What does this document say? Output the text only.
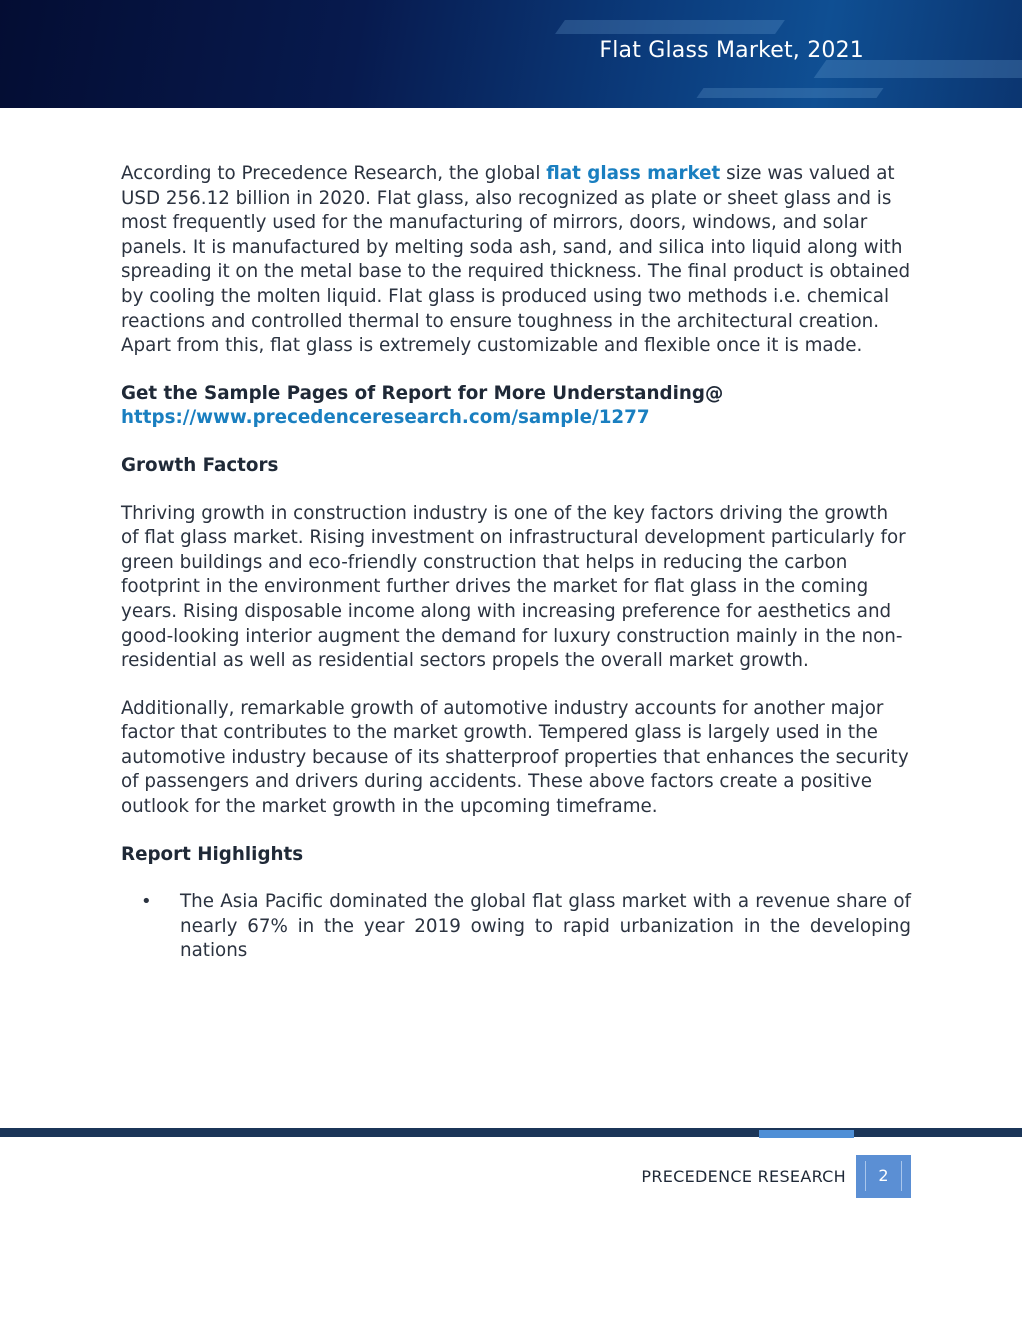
Flat Glass Market, 2021

According to Precedence Research, the global flat glass market size was valued at USD 256.12 billion in 2020. Flat glass, also recognized as plate or sheet glass and is most frequently used for the manufacturing of mirrors, doors, windows, and solar panels. It is manufactured by melting soda ash, sand, and silica into liquid along with spreading it on the metal base to the required thickness. The final product is obtained by cooling the molten liquid. Flat glass is produced using two methods i.e. chemical reactions and controlled thermal to ensure toughness in the architectural creation. Apart from this, flat glass is extremely customizable and flexible once it is made.

Get the Sample Pages of Report for More Understanding@ https://www.precedenceresearch.com/sample/1277

Growth Factors

Thriving growth in construction industry is one of the key factors driving the growth of flat glass market. Rising investment on infrastructural development particularly for green buildings and eco-friendly construction that helps in reducing the carbon footprint in the environment further drives the market for flat glass in the coming years. Rising disposable income along with increasing preference for aesthetics and good-looking interior augment the demand for luxury construction mainly in the non-residential as well as residential sectors propels the overall market growth.

Additionally, remarkable growth of automotive industry accounts for another major factor that contributes to the market growth. Tempered glass is largely used in the automotive industry because of its shatterproof properties that enhances the security of passengers and drivers during accidents. These above factors create a positive outlook for the market growth in the upcoming timeframe.

Report Highlights

• The Asia Pacific dominated the global flat glass market with a revenue share of nearly 67% in the year 2019 owing to rapid urbanization in the developing nations
PRECEDENCE RESEARCH	2
